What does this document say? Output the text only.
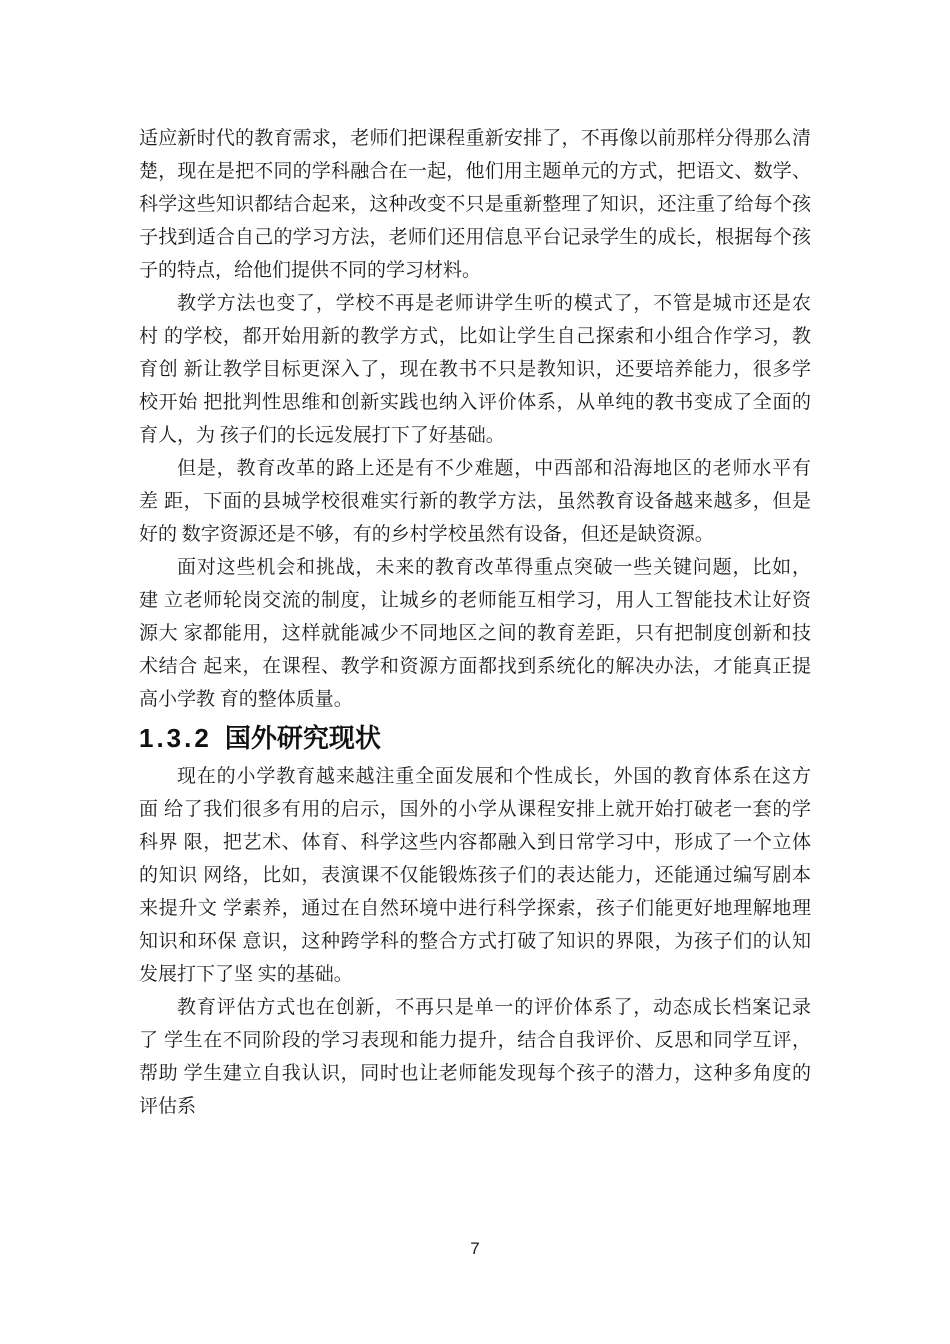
适应新时代的教育需求，老师们把课程重新安排了，不再像以前那样分得那么清
楚，现在是把不同的学科融合在一起，他们用主题单元的方式，把语文、数学、
科学这些知识都结合起来，这种改变不只是重新整理了知识，还注重了给每个孩
子找到适合自己的学习方法，老师们还用信息平台记录学生的成长，根据每个孩
子的特点，给他们提供不同的学习材料。
教学方法也变了，学校不再是老师讲学生听的模式了，不管是城市还是农
村 的学校，都开始用新的教学方式，比如让学生自己探索和小组合作学习，教
育创 新让教学目标更深入了，现在教书不只是教知识，还要培养能力，很多学
校开始 把批判性思维和创新实践也纳入评价体系，从单纯的教书变成了全面的
育人，为 孩子们的长远发展打下了好基础。
但是，教育改革的路上还是有不少难题，中西部和沿海地区的老师水平有
差 距，下面的县城学校很难实行新的教学方法，虽然教育设备越来越多，但是
好的 数字资源还是不够，有的乡村学校虽然有设备，但还是缺资源。
面对这些机会和挑战，未来的教育改革得重点突破一些关键问题，比如，
建 立老师轮岗交流的制度，让城乡的老师能互相学习，用人工智能技术让好资
源大 家都能用，这样就能减少不同地区之间的教育差距，只有把制度创新和技
术结合 起来，在课程、教学和资源方面都找到系统化的解决办法，才能真正提
高小学教 育的整体质量。
1.3.2 国外研究现状
现在的小学教育越来越注重全面发展和个性成长，外国的教育体系在这方
面 给了我们很多有用的启示，国外的小学从课程安排上就开始打破老一套的学
科界 限，把艺术、体育、科学这些内容都融入到日常学习中，形成了一个立体
的知识 网络，比如，表演课不仅能锻炼孩子们的表达能力，还能通过编写剧本
来提升文 学素养，通过在自然环境中进行科学探索，孩子们能更好地理解地理
知识和环保 意识，这种跨学科的整合方式打破了知识的界限，为孩子们的认知
发展打下了坚 实的基础。
教育评估方式也在创新，不再只是单一的评价体系了，动态成长档案记录
了 学生在不同阶段的学习表现和能力提升，结合自我评价、反思和同学互评，
帮助 学生建立自我认识，同时也让老师能发现每个孩子的潜力，这种多角度的
评估系
7
